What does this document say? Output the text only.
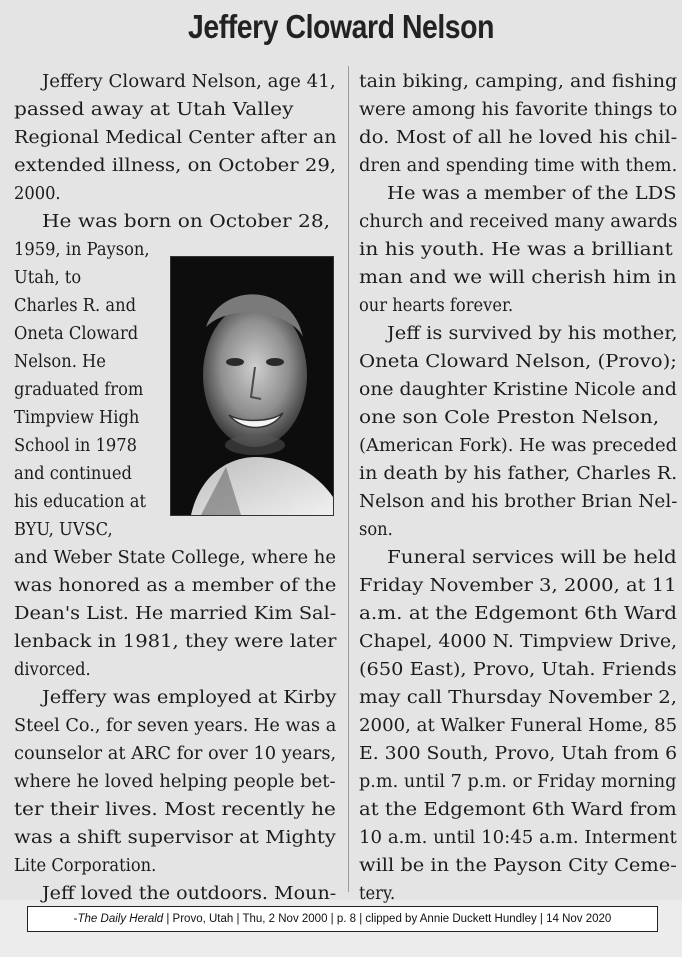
Jeffery Cloward Nelson
Jeffery Cloward Nelson, age 41,
passed away at Utah Valley
Regional Medical Center after an
extended illness, on October 29,
2000.
He was born on October 28,
1959, in Payson,
Utah, to
Charles R. and
Oneta Cloward
Nelson. He
graduated from
Timpview High
School in 1978
and continued
his education at
BYU, UVSC,
and Weber State College, where he
was honored as a member of the
Dean's List. He married Kim Sal-
lenback in 1981, they were later
divorced.
Jeffery was employed at Kirby
Steel Co., for seven years. He was a
counselor at ARC for over 10 years,
where he loved helping people bet-
ter their lives. Most recently he
was a shift supervisor at Mighty
Lite Corporation.
Jeff loved the outdoors. Moun-
tain biking, camping, and fishing
were among his favorite things to
do. Most of all he loved his chil-
dren and spending time with them.
He was a member of the LDS
church and received many awards
in his youth. He was a brilliant
man and we will cherish him in
our hearts forever.
Jeff is survived by his mother,
Oneta Cloward Nelson, (Provo);
one daughter Kristine Nicole and
one son Cole Preston Nelson,
(American Fork). He was preceded
in death by his father, Charles R.
Nelson and his brother Brian Nel-
son.
Funeral services will be held
Friday November 3, 2000, at 11
a.m. at the Edgemont 6th Ward
Chapel, 4000 N. Timpview Drive,
(650 East), Provo, Utah. Friends
may call Thursday November 2,
2000, at Walker Funeral Home, 85
E. 300 South, Provo, Utah from 6
p.m. until 7 p.m. or Friday morning
at the Edgemont 6th Ward from
10 a.m. until 10:45 a.m. Interment
will be in the Payson City Ceme-
tery.
-The Daily Herald | Provo, Utah | Thu, 2 Nov 2000 | p. 8 | clipped by Annie Duckett Hundley | 14 Nov 2020
